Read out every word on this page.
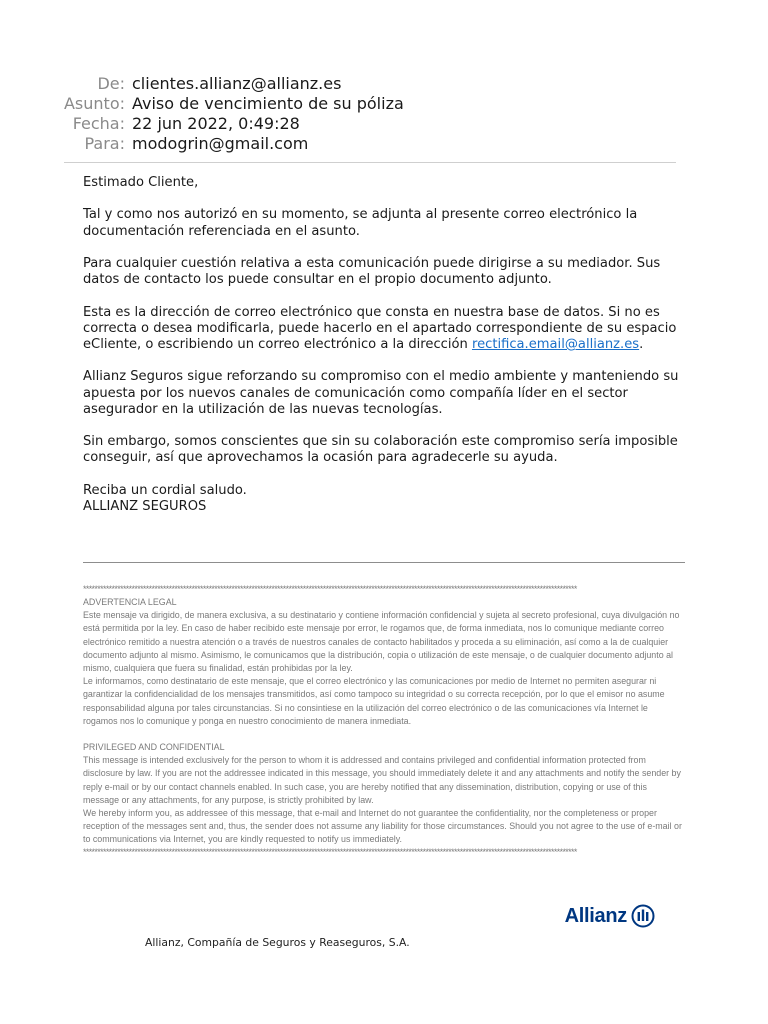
De: clientes.allianz@allianz.es
Asunto: Aviso de vencimiento de su póliza
Fecha: 22 jun 2022, 0:49:28
Para: modogrin@gmail.com

Estimado Cliente,

Tal y como nos autorizó en su momento, se adjunta al presente correo electrónico la documentación referenciada en el asunto.

Para cualquier cuestión relativa a esta comunicación puede dirigirse a su mediador. Sus datos de contacto los puede consultar en el propio documento adjunto.

Esta es la dirección de correo electrónico que consta en nuestra base de datos. Si no es correcta o desea modificarla, puede hacerlo en el apartado correspondiente de su espacio eCliente, o escribiendo un correo electrónico a la dirección rectifica.email@allianz.es.

Allianz Seguros sigue reforzando su compromiso con el medio ambiente y manteniendo su apuesta por los nuevos canales de comunicación como compañía líder en el sector asegurador en la utilización de las nuevas tecnologías.

Sin embargo, somos conscientes que sin su colaboración este compromiso sería imposible conseguir, así que aprovechamos la ocasión para agradecerle su ayuda.

Reciba un cordial saludo.
ALLIANZ SEGUROS
*****************************************************************************************************************************************************************************
ADVERTENCIA LEGAL

Este mensaje va dirigido, de manera exclusiva, a su destinatario y contiene información confidencial y sujeta al secreto profesional, cuya divulgación no está permitida por la ley. En caso de haber recibido este mensaje por error, le rogamos que, de forma inmediata, nos lo comunique mediante correo electrónico remitido a nuestra atención o a través de nuestros canales de contacto habilitados y proceda a su eliminación, así como a la de cualquier documento adjunto al mismo. Asimismo, le comunicamos que la distribución, copia o utilización de este mensaje, o de cualquier documento adjunto al mismo, cualquiera que fuera su finalidad, están prohibidas por la ley.

Le informamos, como destinatario de este mensaje, que el correo electrónico y las comunicaciones por medio de Internet no permiten asegurar ni garantizar la confidencialidad de los mensajes transmitidos, así como tampoco su integridad o su correcta recepción, por lo que el emisor no asume responsabilidad alguna por tales circunstancias. Si no consintiese en la utilización del correo electrónico o de las comunicaciones vía Internet le rogamos nos lo comunique y ponga en nuestro conocimiento de manera inmediata.

PRIVILEGED AND CONFIDENTIAL

This message is intended exclusively for the person to whom it is addressed and contains privileged and confidential information protected from disclosure by law. If you are not the addressee indicated in this message, you should immediately delete it and any attachments and notify the sender by reply e-mail or by our contact channels enabled. In such case, you are hereby notified that any dissemination, distribution, copying or use of this message or any attachments, for any purpose, is strictly prohibited by law.

We hereby inform you, as addressee of this message, that e-mail and Internet do not guarantee the confidentiality, nor the completeness or proper reception of the messages sent and, thus, the sender does not assume any liability for those circumstances. Should you not agree to the use of e-mail or to communications via Internet, you are kindly requested to notify us immediately.

*****************************************************************************************************************************************************************************
Allianz
Allianz, Compañía de Seguros y Reaseguros, S.A.
